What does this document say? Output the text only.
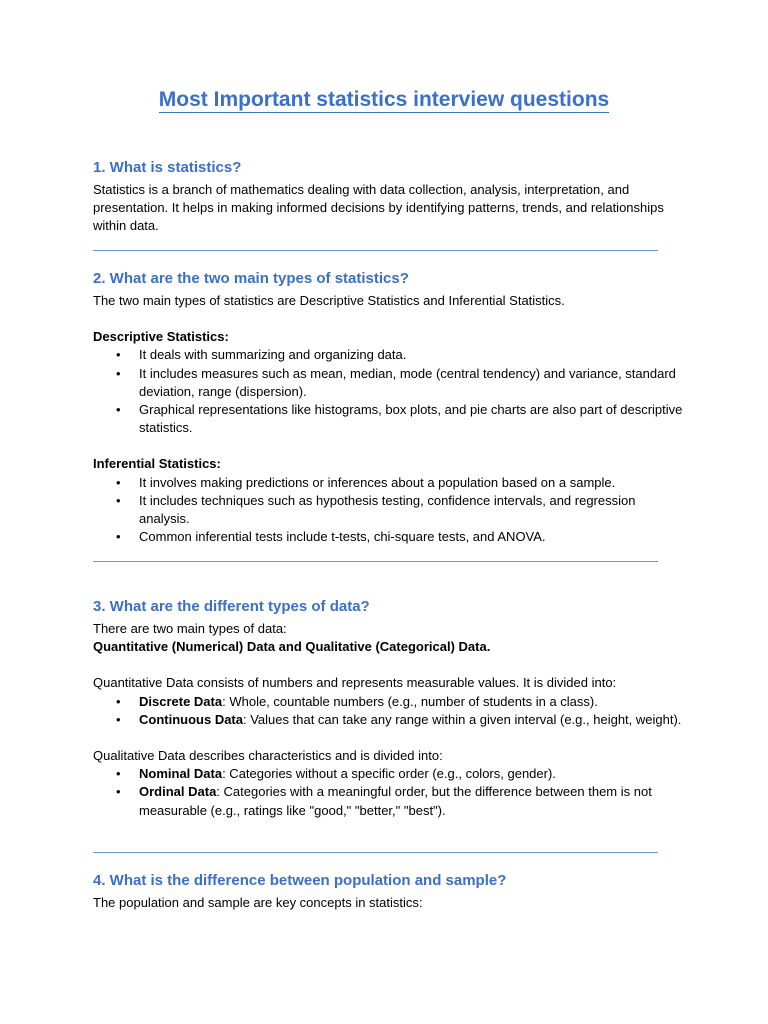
Most Important statistics interview questions
1. What is statistics?

Statistics is a branch of mathematics dealing with data collection, analysis, interpretation, and presentation. It helps in making informed decisions by identifying patterns, trends, and relationships within data.

2. What are the two main types of statistics?

The two main types of statistics are Descriptive Statistics and Inferential Statistics.

Descriptive Statistics:

• It deals with summarizing and organizing data.
• It includes measures such as mean, median, mode (central tendency) and variance, standard deviation, range (dispersion).
• Graphical representations like histograms, box plots, and pie charts are also part of descriptive statistics.

Inferential Statistics:

• It involves making predictions or inferences about a population based on a sample.
• It includes techniques such as hypothesis testing, confidence intervals, and regression analysis.
• Common inferential tests include t-tests, chi-square tests, and ANOVA.
3. What are the different types of data?

There are two main types of data:

Quantitative (Numerical) Data and Qualitative (Categorical) Data.

Quantitative Data consists of numbers and represents measurable values. It is divided into:

• Discrete Data: Whole, countable numbers (e.g., number of students in a class).
• Continuous Data: Values that can take any range within a given interval (e.g., height, weight).

Qualitative Data describes characteristics and is divided into:

• Nominal Data: Categories without a specific order (e.g., colors, gender).
• Ordinal Data: Categories with a meaningful order, but the difference between them is not measurable (e.g., ratings like "good," "better," "best").
4. What is the difference between population and sample?

The population and sample are key concepts in statistics:
